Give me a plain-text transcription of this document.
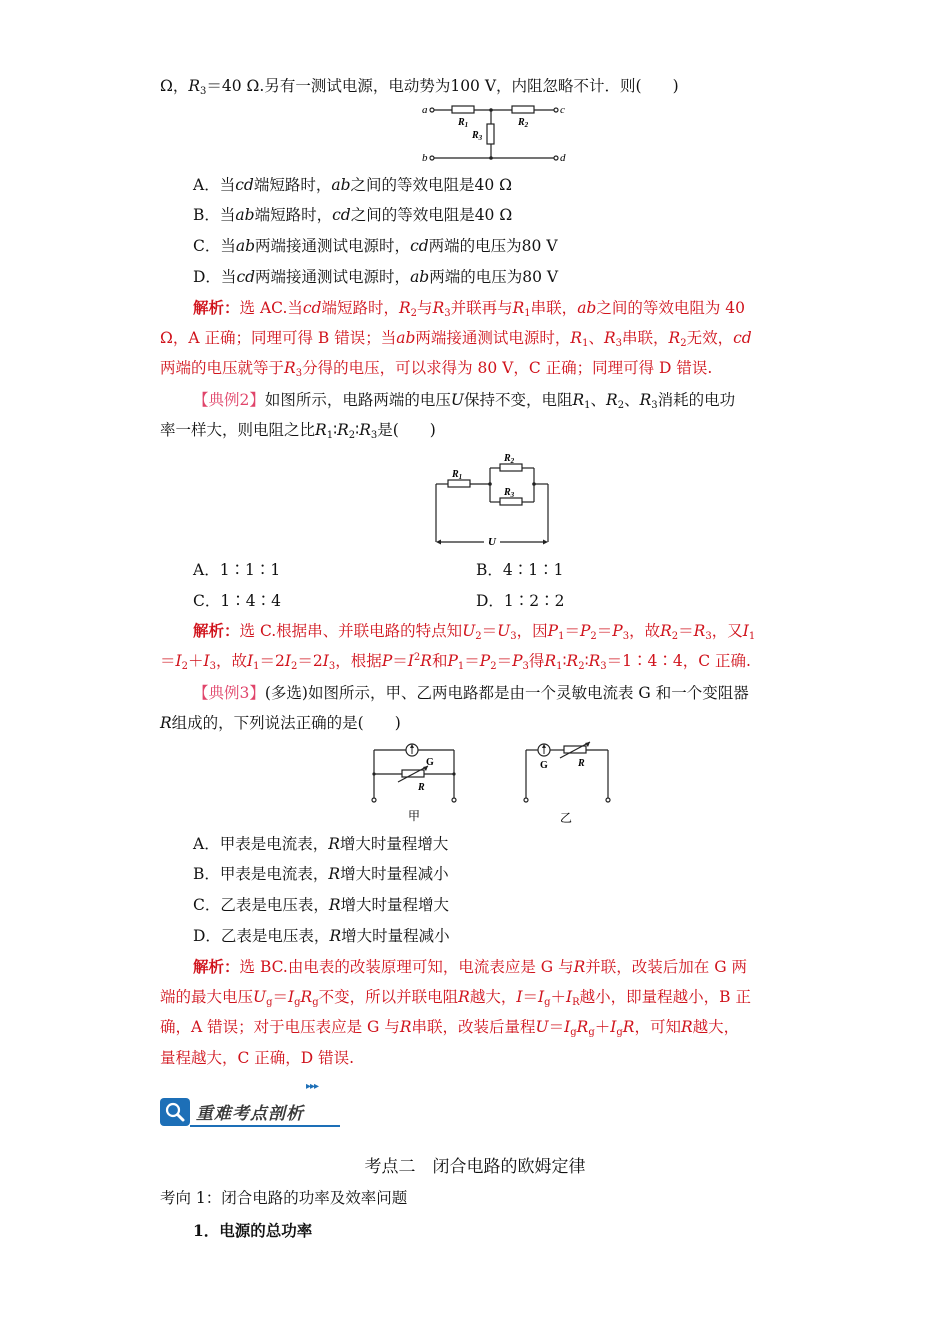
Ω，$R_3=40$ Ω.另有一测试电源，电动势为100 V，内阻忽略不计．则(　　)
a
b
c
d
$R_1$	$R_2$
$R_3$
A．当cd端短路时，ab之间的等效电阻是40 Ω
B．当ab端短路时，cd之间的等效电阻是40 Ω
C．当ab两端接通测试电源时，cd两端的电压为80 V
D．当cd两端接通测试电源时，ab两端的电压为80 V
解析：选 AC.当cd端短路时，$R_2$与$R_3$并联再与$R_1$串联，ab之间的等效电阻为 40
Ω，A 正确；同理可得 B 错误；当ab两端接通测试电源时，$R_1$、$R_3$串联，$R_2$无效，cd
两端的电压就等于$R_3$分得的电压，可以求得为 80 V，C 正确；同理可得 D 错误.
【典例2】如图所示，电路两端的电压U保持不变，电阻$R_1$、$R_2$、$R_3$消耗的电功
率一样大，则电阻之比$R_1∶R_2∶R_3$是(　　)
$R_1$
$R_2$
$R_3$
U
A．1∶1∶1	B．4∶1∶1
C．1∶4∶4	D．1∶2∶2
解析：选 C.根据串、并联电路的特点知$U_2=U_3$，因$P_1=P_2=P_3$，故$R_2=R_3$，又$I_1$
$=I_2+I_3$，故$I_1=2I_2=2I_3$，根据$P=I^2R$和$P_1=P_2=P_3$得$R_1∶R_2∶R_3=1∶4∶4$，C 正确.
【典例3】(多选)如图所示，甲、乙两电路都是由一个灵敏电流表 G 和一个变阻器
R组成的，下列说法正确的是(　　)
G
R
G	R
甲	乙
A．甲表是电流表，R增大时量程增大
B．甲表是电流表，R增大时量程减小
C．乙表是电压表，R增大时量程增大
D．乙表是电压表，R增大时量程减小
解析：选 BC.由电表的改装原理可知，电流表应是 G 与R并联，改装后加在 G 两
端的最大电压$U_g=I_gR_g$不变，所以并联电阻R越大，$I=I_g+I_R$越小，即量程越小，B 正
确，A 错误；对于电压表应是 G 与R串联，改装后量程$U=I_gR_g+I_gR$，可知R越大，
量程越大，C 正确，D 错误.
重难考点剖析
▸▸▸
考点二　闭合电路的欧姆定律
考向 1：闭合电路的功率及效率问题
1．电源的总功率
